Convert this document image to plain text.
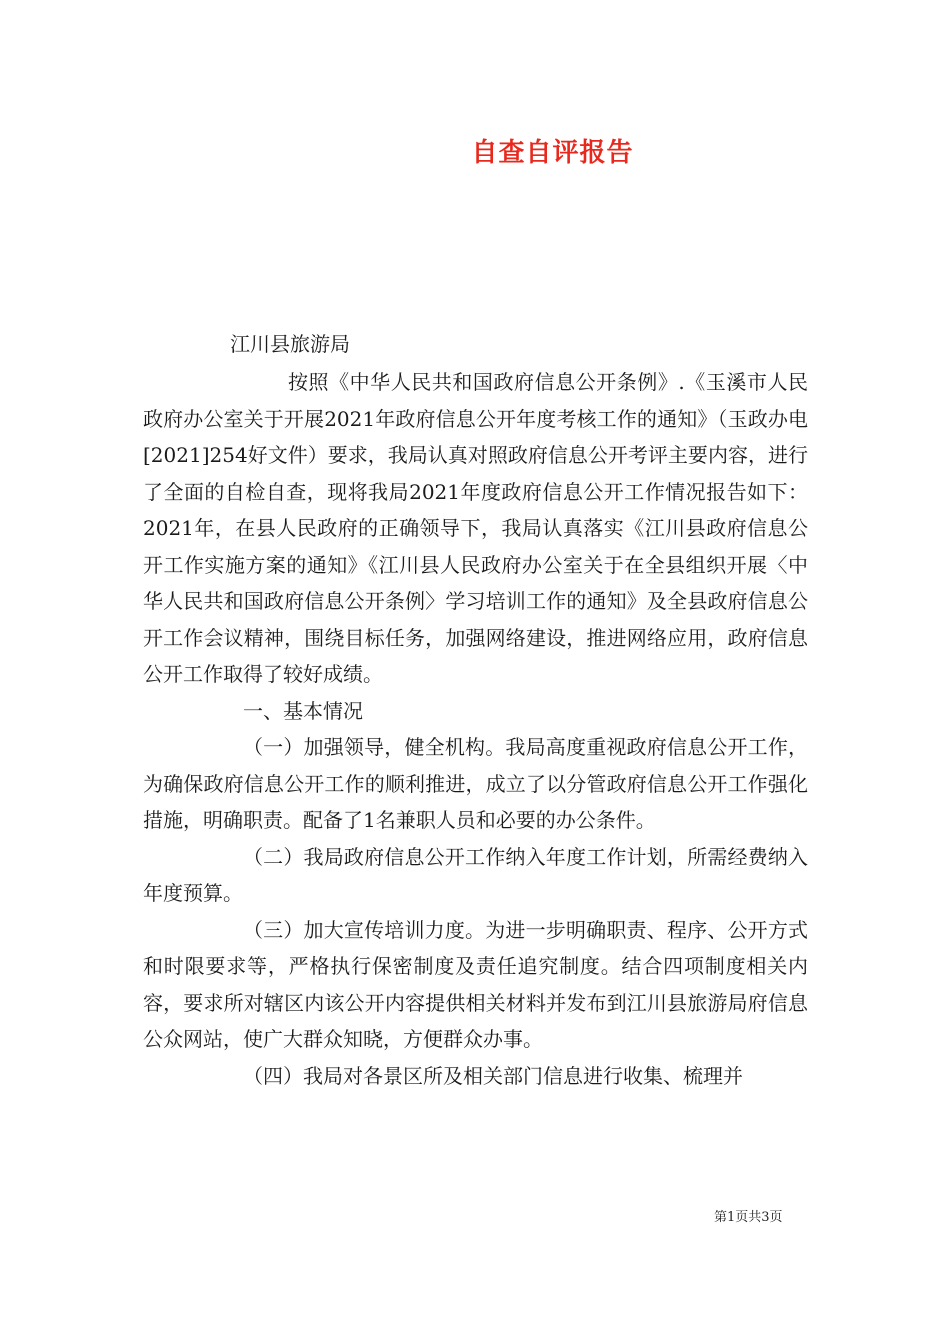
自查自评报告
江川县旅游局

按照《中华人民共和国政府信息公开条例》.《玉溪市人民政府办公室关于开展2021年政府信息公开年度考核工作的通知》（玉政办电[2021]254好文件）要求，我局认真对照政府信息公开考评主要内容，进行了全面的自检自查，现将我局2021年度政府信息公开工作情况报告如下：2021年，在县人民政府的正确领导下，我局认真落实《江川县政府信息公开工作实施方案的通知》《江川县人民政府办公室关于在全县组织开展〈中华人民共和国政府信息公开条例〉学习培训工作的通知》及全县政府信息公开工作会议精神，围绕目标任务，加强网络建设，推进网络应用，政府信息公开工作取得了较好成绩。

一、基本情况

（一）加强领导，健全机构。我局高度重视政府信息公开工作，为确保政府信息公开工作的顺利推进，成立了以分管政府信息公开工作强化措施，明确职责。配备了1名兼职人员和必要的办公条件。

（二）我局政府信息公开工作纳入年度工作计划，所需经费纳入年度预算。

（三）加大宣传培训力度。为进一步明确职责、程序、公开方式和时限要求等，严格执行保密制度及责任追究制度。结合四项制度相关内容，要求所对辖区内该公开内容提供相关材料并发布到江川县旅游局府信息公众网站，使广大群众知晓，方便群众办事。

（四）我局对各景区所及相关部门信息进行收集、梳理并

第1页共3页
